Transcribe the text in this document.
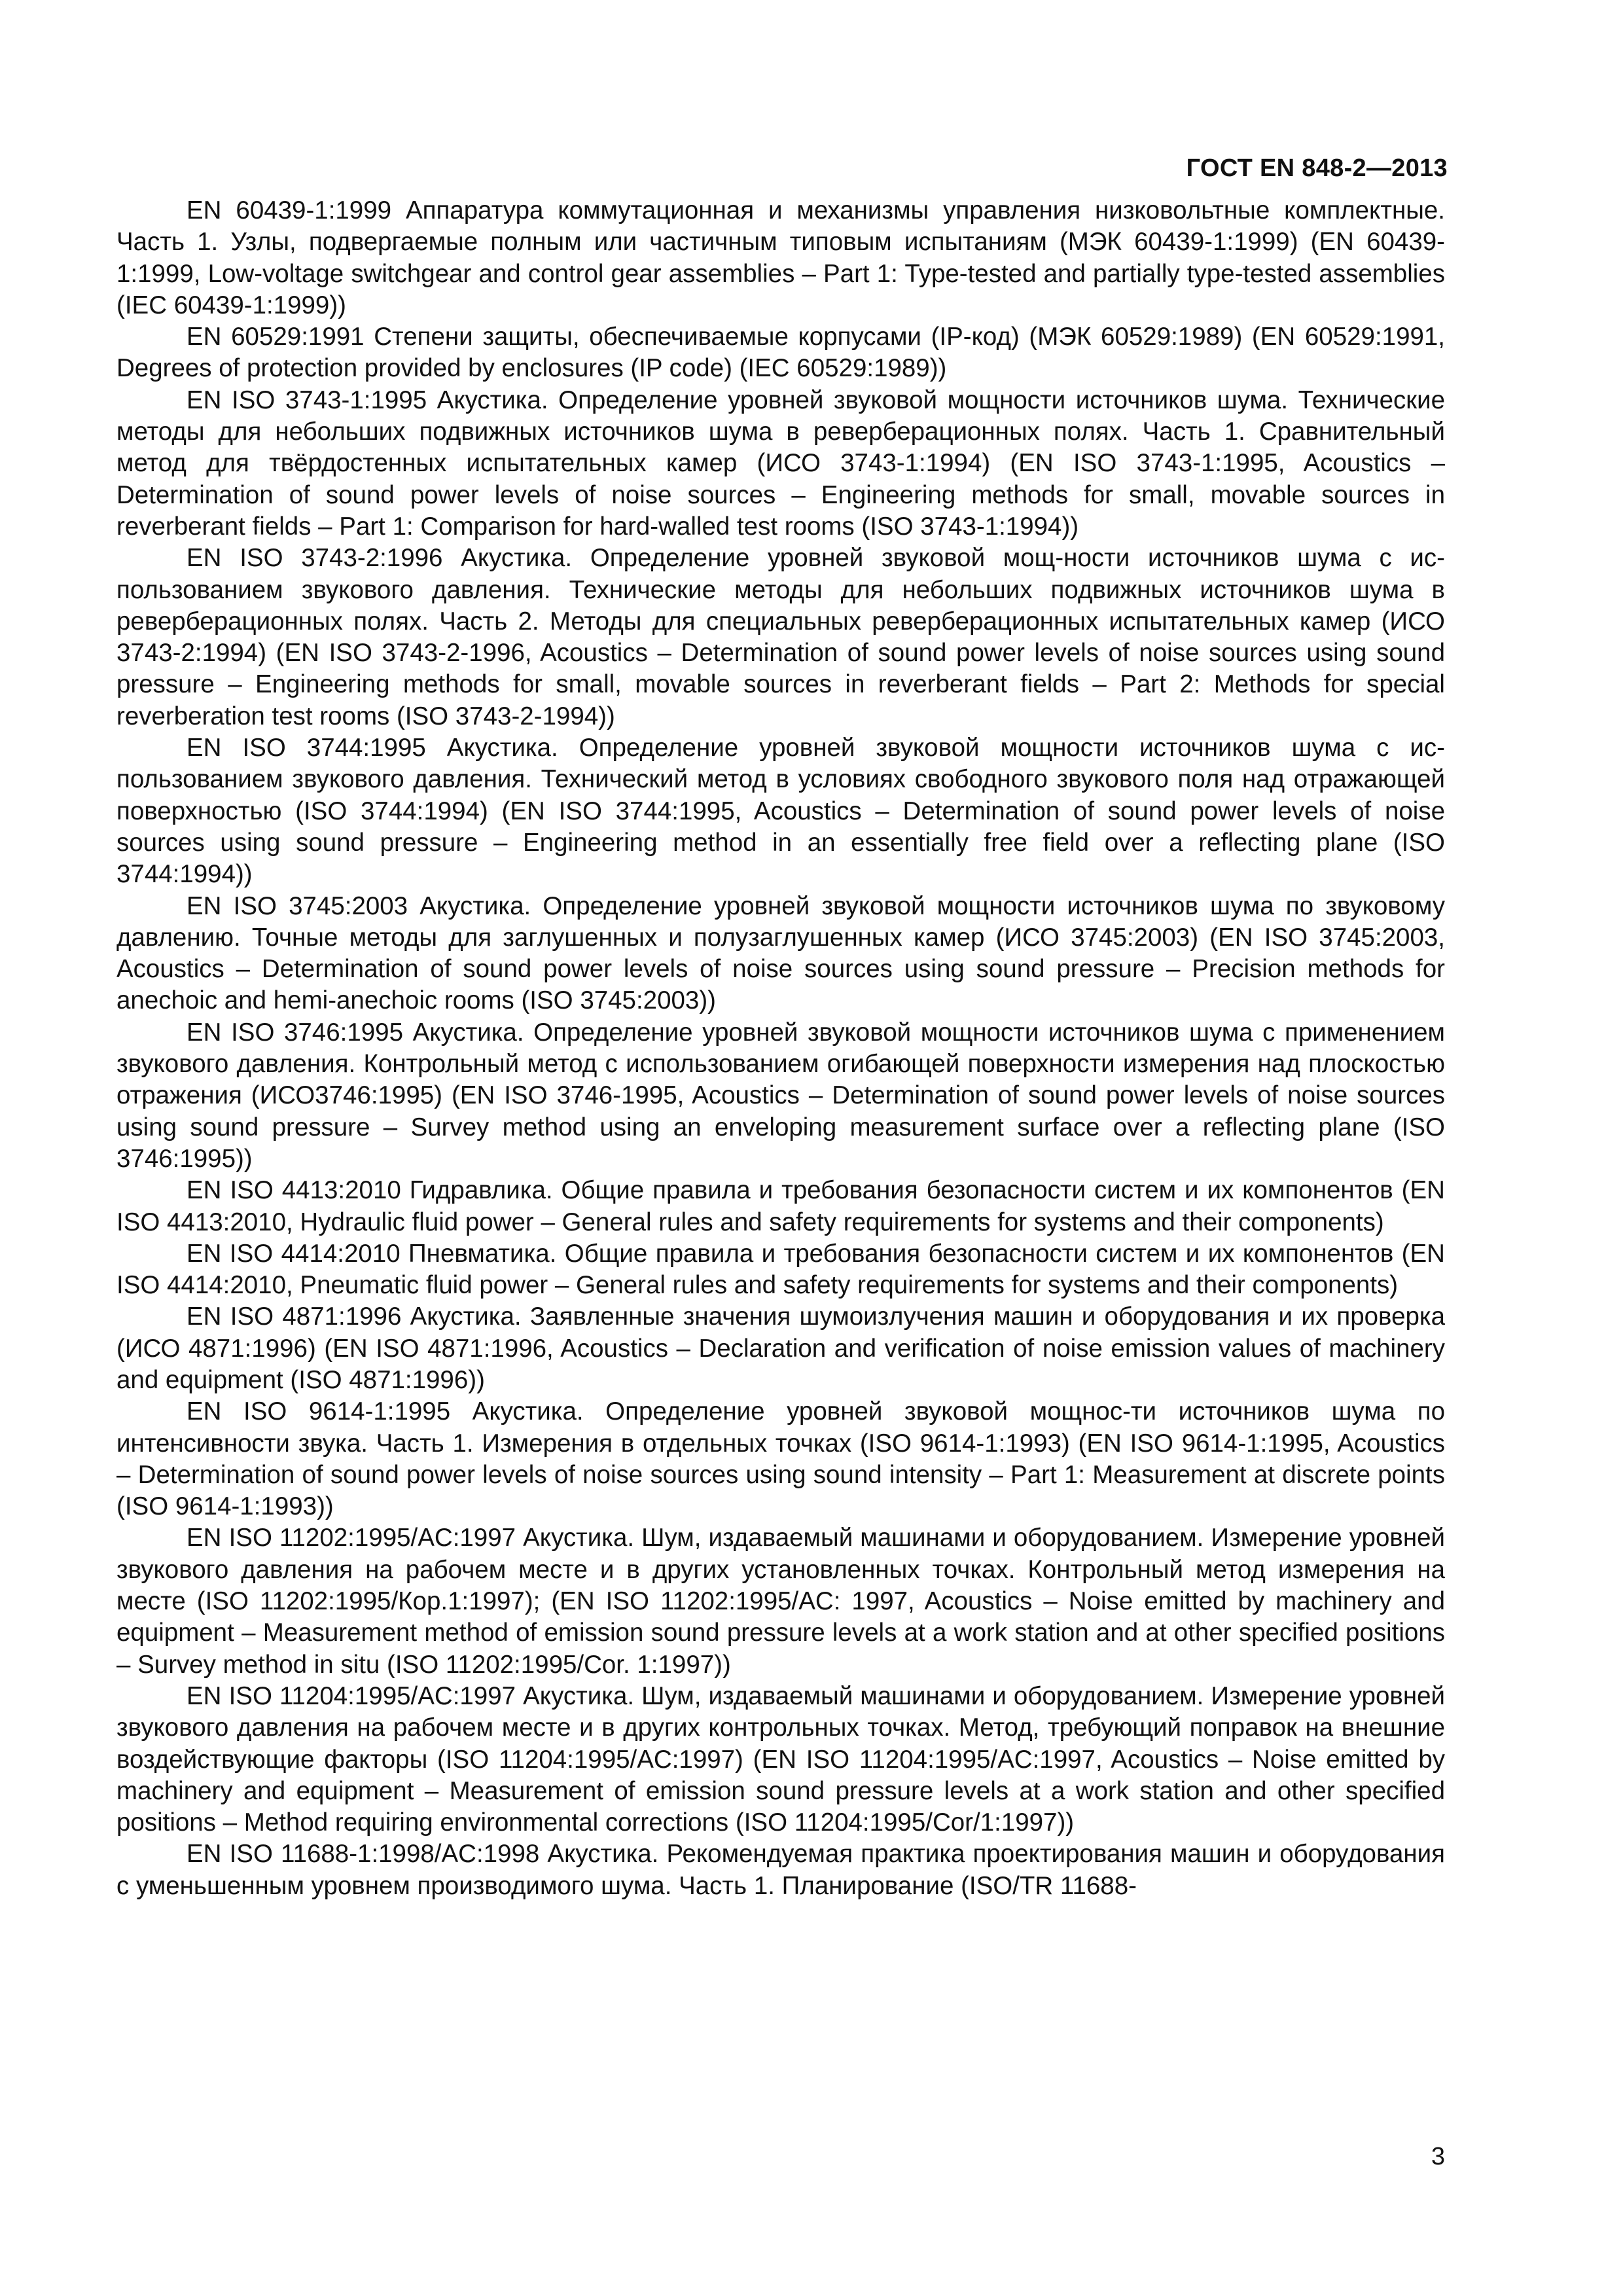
ГОСТ EN 848-2—2013

EN 60439-1:1999 Аппаратура коммутационная и механизмы управления низковольтные комплектные. Часть 1. Узлы, подвергаемые полным или частичным типовым испытаниям (МЭК 60439-1:1999) (EN 60439-1:1999, Low-voltage switchgear and control gear assemblies – Part 1: Type-tested and partially type-tested assemblies (IEC 60439-1:1999))

EN 60529:1991 Степени защиты, обеспечиваемые корпусами (IP-код) (МЭК 60529:1989) (EN 60529:1991, Degrees of protection provided by enclosures (IP code) (IEC 60529:1989))

EN ISO 3743-1:1995 Акустика. Определение уровней звуковой мощности источников шума. Технические методы для небольших подвижных источников шума в реверберационных полях. Часть 1. Сравнительный метод для твёрдостенных испытательных камер (ИСО 3743-1:1994) (EN ISO 3743-1:1995, Acoustics – Determination of sound power levels of noise sources – Engineering methods for small, movable sources in reverberant fields – Part 1: Comparison for hard-walled test rooms (ISO 3743-1:1994))

EN ISO 3743-2:1996 Акустика. Определение уровней звуковой мощ-ности источников шума с использованием звукового давления. Технические методы для небольших подвижных источников шума в реверберационных полях. Часть 2. Методы для специальных реверберационных испытательных камер (ИСО 3743-2:1994) (EN ISO 3743-2-1996, Acoustics – Determination of sound power levels of noise sources using sound pressure – Engineering methods for small, movable sources in reverberant fields – Part 2: Methods for special reverberation test rooms (ISO 3743-2-1994))

EN ISO 3744:1995 Акустика. Определение уровней звуковой мощности источников шума с использованием звукового давления. Технический метод в условиях свободного звукового поля над отражающей поверхностью (ISO 3744:1994) (EN ISO 3744:1995, Acoustics – Determination of sound power levels of noise sources using sound pressure – Engineering method in an essentially free field over a reflecting plane (ISO 3744:1994))

EN ISO 3745:2003 Акустика. Определение уровней звуковой мощности источников шума по звуковому давлению. Точные методы для заглушенных и полузаглушенных камер (ИСО 3745:2003) (EN ISO 3745:2003, Acoustics – Determination of sound power levels of noise sources using sound pressure – Precision methods for anechoic and hemi-anechoic rooms (ISO 3745:2003))

EN ISO 3746:1995 Акустика. Определение уровней звуковой мощности источников шума с применением звукового давления. Контрольный метод с использованием огибающей поверхности измерения над плоскостью отражения (ИСО3746:1995) (EN ISO 3746-1995, Acoustics – Determination of sound power levels of noise sources using sound pressure – Survey method using an enveloping measurement surface over a reflecting plane (ISO 3746:1995))

EN ISO 4413:2010 Гидравлика. Общие правила и требования безопасности систем и их компонентов (EN ISO 4413:2010, Hydraulic fluid power – General rules and safety requirements for systems and their components)

EN ISO 4414:2010 Пневматика. Общие правила и требования безопасности систем и их компонентов (EN ISO 4414:2010, Pneumatic fluid power – General rules and safety requirements for systems and their components)

EN ISO 4871:1996 Акустика. Заявленные значения шумоизлучения машин и оборудования и их проверка (ИСО 4871:1996) (EN ISO 4871:1996, Acoustics – Declaration and verification of noise emission values of machinery and equipment (ISO 4871:1996))

EN ISO 9614-1:1995 Акустика. Определение уровней звуковой мощнос-ти источников шума по интенсивности звука. Часть 1. Измерения в отдельных точках (ISO 9614-1:1993) (EN ISO 9614-1:1995, Acoustics – Determination of sound power levels of noise sources using sound intensity – Part 1: Measurement at discrete points (ISO 9614-1:1993))

EN ISO 11202:1995/AC:1997 Акустика. Шум, издаваемый машинами и оборудованием. Измерение уровней звукового давления на рабочем месте и в других установленных точках. Контрольный метод измерения на месте (ISO 11202:1995/Кор.1:1997); (EN ISO 11202:1995/AC: 1997, Acoustics – Noise emitted by machinery and equipment – Measurement method of emission sound pressure levels at a work station and at other specified positions – Survey method in situ (ISO 11202:1995/Cor. 1:1997))

EN ISO 11204:1995/AC:1997 Акустика. Шум, издаваемый машинами и оборудованием. Измерение уровней звукового давления на рабочем месте и в других контрольных точках. Метод, требующий поправок на внешние воздействующие факторы (ISO 11204:1995/AC:1997) (EN ISO 11204:1995/AC:1997, Acoustics – Noise emitted by machinery and equipment – Measurement of emission sound pressure levels at a work station and other specified positions – Method requiring environmental corrections (ISO 11204:1995/Cor/1:1997))

EN ISO 11688-1:1998/AC:1998 Акустика. Рекомендуемая практика проектирования машин и оборудования с уменьшенным уровнем производимого шума. Часть 1. Планирование (ISO/TR 11688-

3
